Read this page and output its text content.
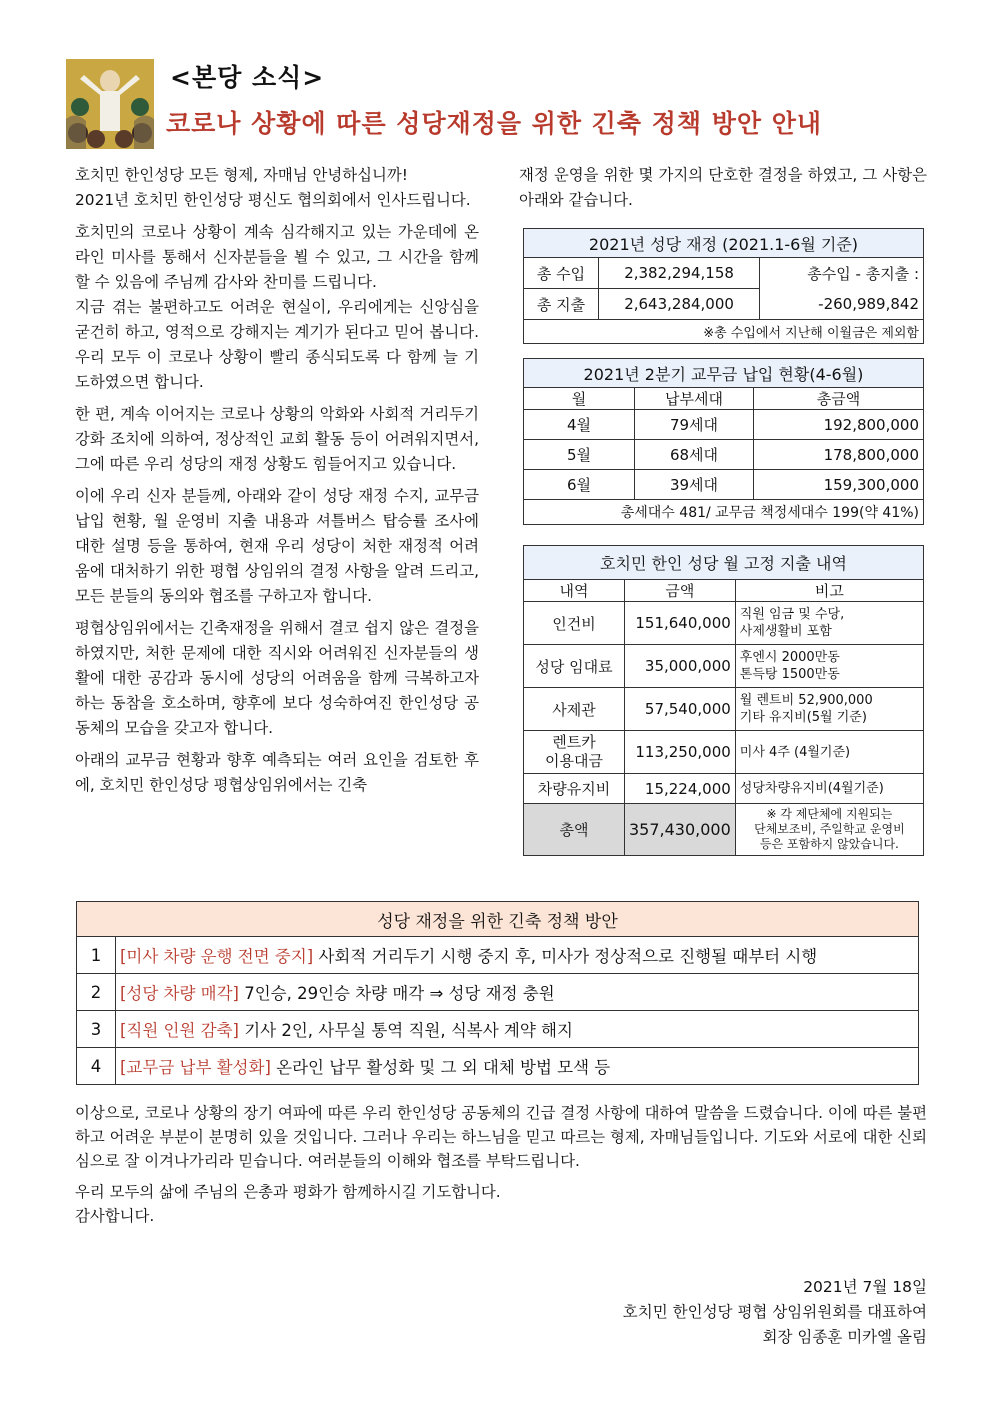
<본당 소식>
코로나 상황에 따른 성당재정을 위한 긴축 정책 방안 안내

호치민 한인성당 모든 형제, 자매님 안녕하십니까!
2021년 호치민 한인성당 평신도 협의회에서 인사드립니다.

호치민의 코로나 상황이 계속 심각해지고 있는 가운데에 온라인 미사를 통해서 신자분들을 뵐 수 있고, 그 시간을 함께할 수 있음에 주님께 감사와 찬미를 드립니다.
지금 겪는 불편하고도 어려운 현실이, 우리에게는 신앙심을 굳건히 하고, 영적으로 강해지는 계기가 된다고 믿어 봅니다. 우리 모두 이 코로나 상황이 빨리 종식되도록 다 함께 늘 기도하였으면 합니다.

한 편, 계속 이어지는 코로나 상황의 악화와 사회적 거리두기 강화 조치에 의하여, 정상적인 교회 활동 등이 어려워지면서, 그에 따른 우리 성당의 재정 상황도 힘들어지고 있습니다.

이에 우리 신자 분들께, 아래와 같이 성당 재정 수지, 교무금 납입 현황, 월 운영비 지출 내용과 셔틀버스 탑승률 조사에 대한 설명 등을 통하여, 현재 우리 성당이 처한 재정적 어려움에 대처하기 위한 평협 상임위의 결정 사항을 알려 드리고, 모든 분들의 동의와 협조를 구하고자 합니다.

평협상임위에서는 긴축재정을 위해서 결코 쉽지 않은 결정을 하였지만, 처한 문제에 대한 직시와 어려워진 신자분들의 생활에 대한 공감과 동시에 성당의 어려움을 함께 극복하고자 하는 동참을 호소하며, 향후에 보다 성숙하여진 한인성당 공동체의 모습을 갖고자 합니다.

아래의 교무금 현황과 향후 예측되는 여러 요인을 검토한 후에, 호치민 한인성당 평협상임위에서는 긴축

재정 운영을 위한 몇 가지의 단호한 결정을 하였고, 그 사항은 아래와 같습니다.

2021년 성당 재정 (2021.1-6월 기준)		
총 수입	2,382,294,158	총수입 - 총지출 :
총 지출	2,643,284,000	-260,989,842
※총 수입에서 지난해 이월금은 제외함		
2021년 2분기 교무금 납입 현황(4-6월)		
월	납부세대	총금액
4월	79세대	192,800,000
5월	68세대	178,800,000
6월	39세대	159,300,000
총세대수 481/ 교무금 책정세대수 199(약 41%)		
호치민 한인 성당 월 고정 지출 내역		
내역	금액	비고
인건비	151,640,000	직원 임금 및 수당,
사제생활비 포함
성당 임대료	35,000,000	후엔시 2000만동
톤득탕 1500만동
사제관	57,540,000	월 렌트비 52,900,000
기타 유지비(5월 기준)
렌트카
이용대금	113,250,000	미사 4주 (4월기준)
차량유지비	15,224,000	성당차량유지비(4월기준)
총액	357,430,000	※ 각 제단체에 지원되는
단체보조비, 주일학교 운영비
등은 포함하지 않았습니다.
성당 재정을 위한 긴축 정책 방안	
1	[미사 차량 운행 전면 중지] 사회적 거리두기 시행 중지 후, 미사가 정상적으로 진행될 때부터 시행
2	[성당 차량 매각] 7인승, 29인승 차량 매각 ⇒ 성당 재정 충원
3	[직원 인원 감축] 기사 2인, 사무실 통역 직원, 식복사 계약 해지
4	[교무금 납부 활성화] 온라인 납무 활성화 및 그 외 대체 방법 모색 등

이상으로, 코로나 상황의 장기 여파에 따른 우리 한인성당 공동체의 긴급 결정 사항에 대하여 말씀을 드렸습니다. 이에 따른 불편하고 어려운 부분이 분명히 있을 것입니다. 그러나 우리는 하느님을 믿고 따르는 형제, 자매님들입니다. 기도와 서로에 대한 신뢰심으로 잘 이겨나가리라 믿습니다. 여러분들의 이해와 협조를 부탁드립니다.

우리 모두의 삶에 주님의 은총과 평화가 함께하시길 기도합니다.
감사합니다.

2021년 7월 18일
호치민 한인성당 평협 상임위원회를 대표하여
회장 임종훈 미카엘 올림
